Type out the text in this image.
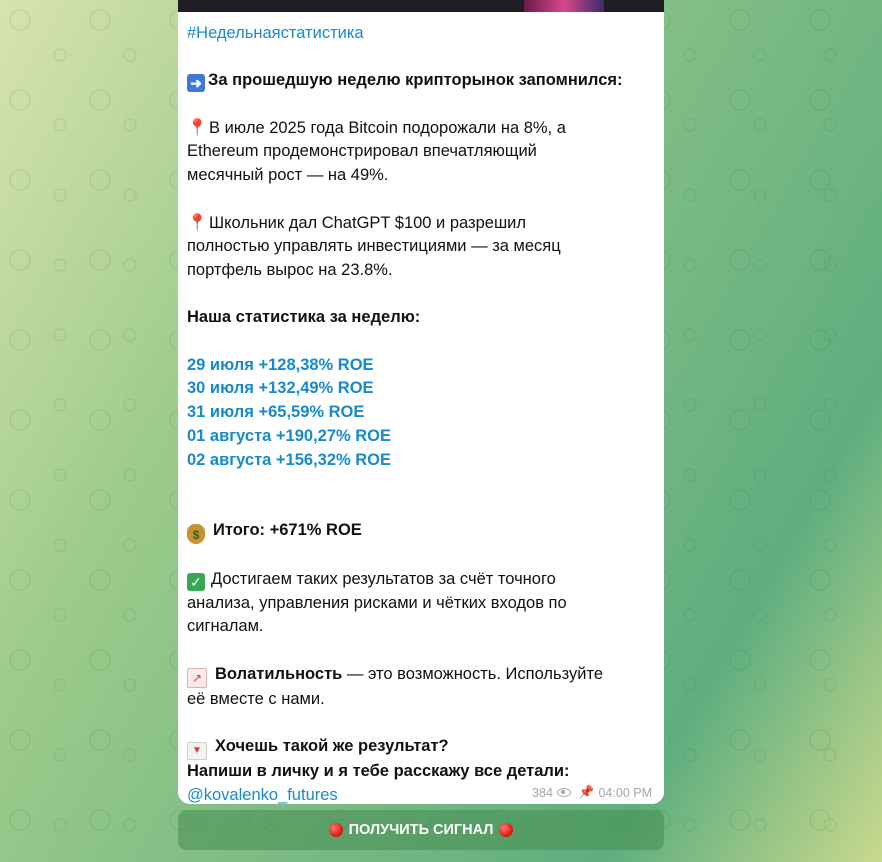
#Недельнаястатистика

➜ За прошедшую неделю крипторынок запомнился:

📍В июле 2025 года Bitcoin подорожали на 8%, а

Ethereum продемонстрировал впечатляющий

месячный рост — на 49%.

📍Школьник дал ChatGPT $100 и разрешил

полностью управлять инвестициями — за месяц

портфель вырос на 23.8%.

Наша статистика за неделю:

29 июля +128,38% ROE

30 июля +132,49% ROE

31 июля +65,59% ROE

01 августа +190,27% ROE

02 августа +156,32% ROE

$ Итого: +671% ROE

✓ Достигаем таких результатов за счёт точного

анализа, управления рисками и чётких входов по

сигналам.

↗ Волатильность — это возможность. Используйте

её вместе с нами.

▼ Хочешь такой же результат?

Напиши в личку и я тебе расскажу все детали:

@kovalenko_futures	384 📌 04:00 PM
ПОЛУЧИТЬ СИГНАЛ
